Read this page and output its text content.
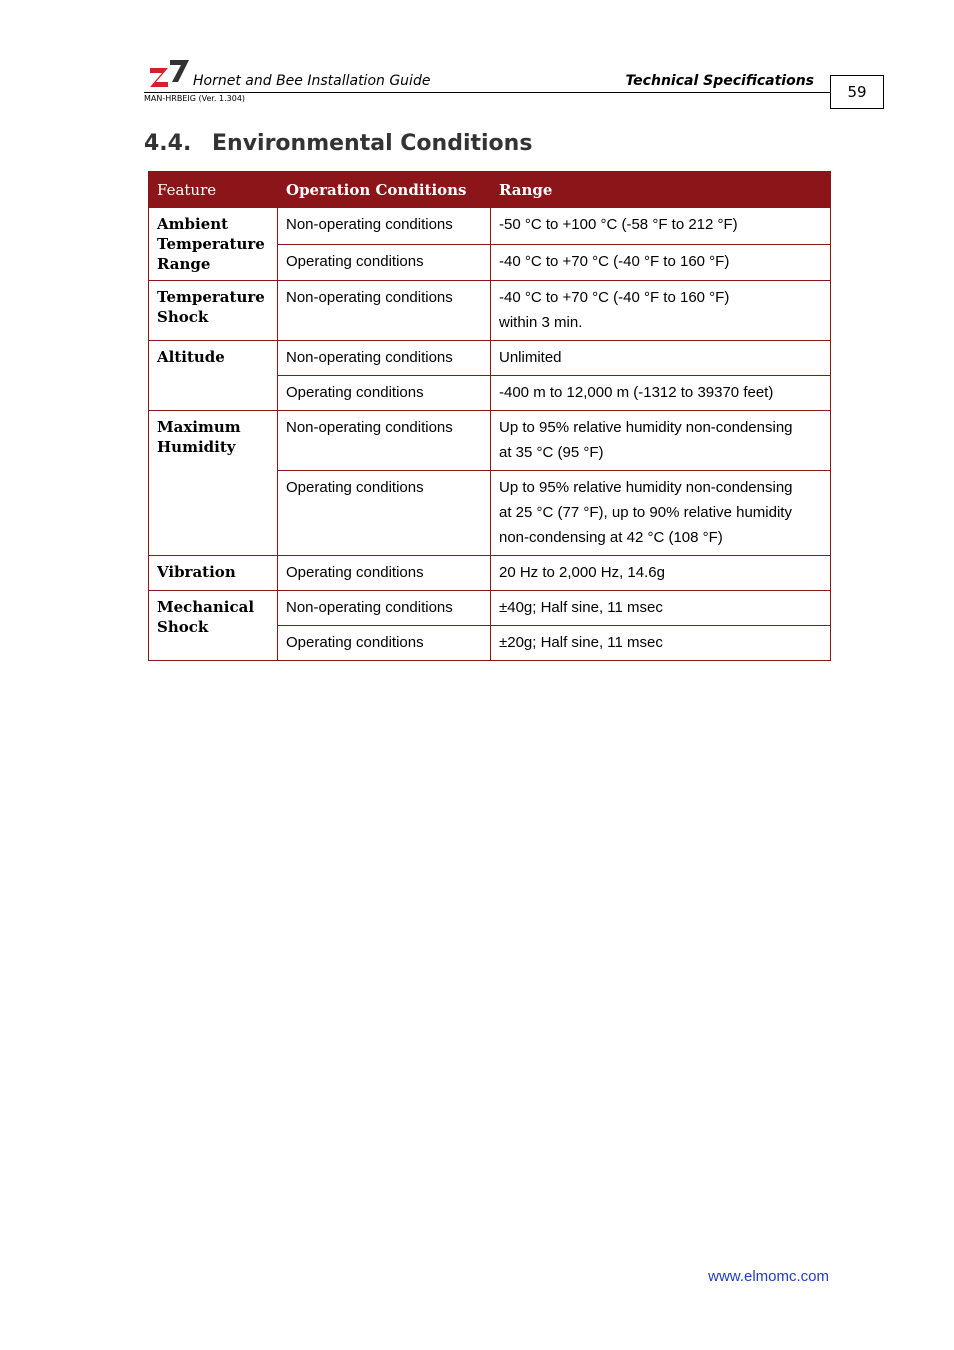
Hornet and Bee Installation Guide	Technical Specifications
MAN-HRBEIG (Ver. 1.304)	59
4.4. Environmental Conditions
Feature	Operation Conditions	Range
Ambient Temperature Range	Non-operating conditions	-50 °C to +100 °C (-58 °F to 212 °F)

	Operating conditions	-40 °C to +70 °C (-40 °F to 160 °F)

Temperature Shock	Non-operating conditions	-40 °C to +70 °C (-40 °F to 160 °F)
within 3 min.

Altitude	Non-operating conditions	Unlimited

	Operating conditions	-400 m to 12,000 m (-1312 to 39370 feet)

Maximum Humidity	Non-operating conditions	Up to 95% relative humidity non-condensing
at 35 °C (95 °F)

	Operating conditions	Up to 95% relative humidity non-condensing
at 25 °C (77 °F), up to 90% relative humidity
non-condensing at 42 °C (108 °F)

Vibration	Operating conditions	20 Hz to 2,000 Hz, 14.6g

Mechanical Shock	Non-operating conditions	±40g; Half sine, 11 msec

	Operating conditions	±20g; Half sine, 11 msec
www.elmomc.com
